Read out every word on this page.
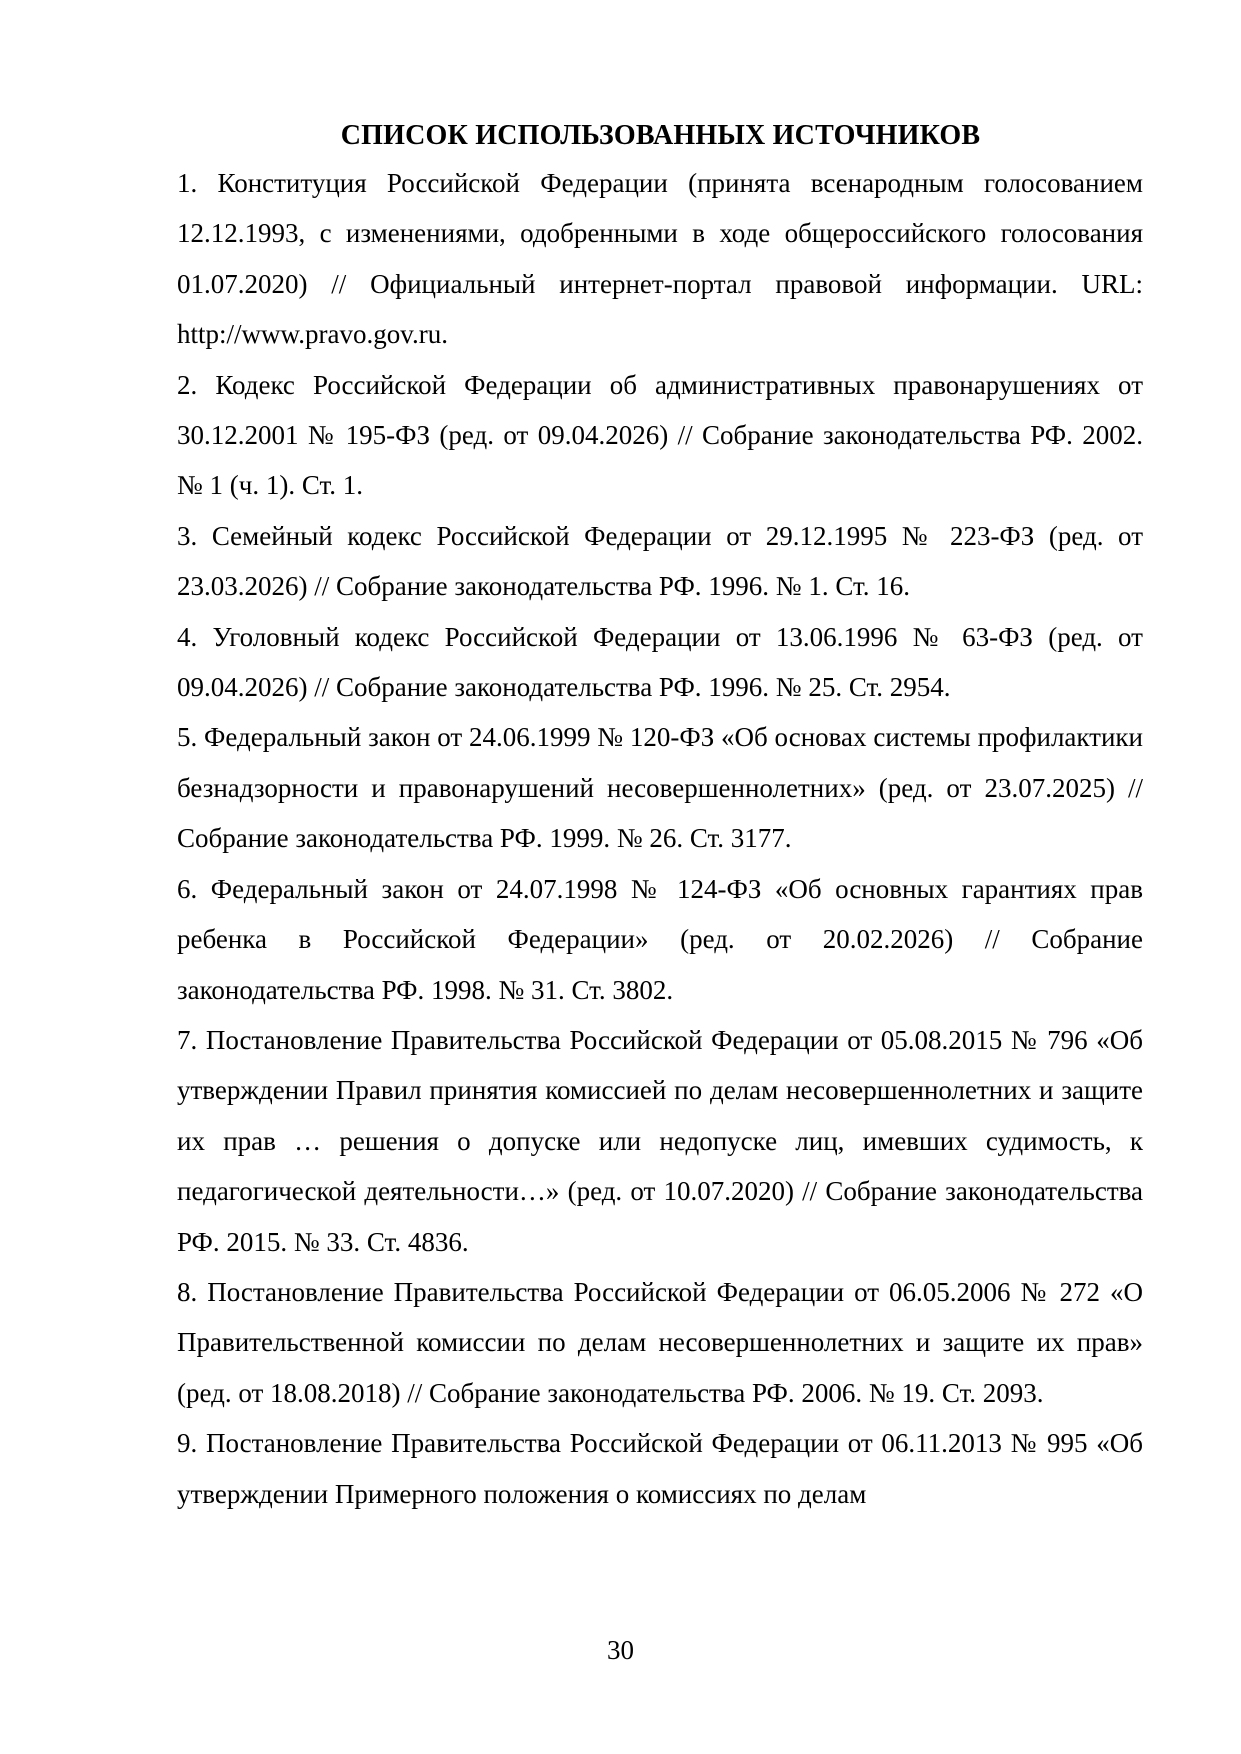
СПИСОК ИСПОЛЬЗОВАННЫХ ИСТОЧНИКОВ
1. Конституция Российской Федерации (принята всенародным голосованием 12.12.1993, с изменениями, одобренными в ходе общероссийского голосования 01.07.2020) // Официальный интернет-портал правовой информации. URL: http://www.pravo.gov.ru.
2. Кодекс Российской Федерации об административных правонарушениях от 30.12.2001 № 195-ФЗ (ред. от 09.04.2026) // Собрание законодательства РФ. 2002. № 1 (ч. 1). Ст. 1.
3. Семейный кодекс Российской Федерации от 29.12.1995 № 223-ФЗ (ред. от 23.03.2026) // Собрание законодательства РФ. 1996. № 1. Ст. 16.
4. Уголовный кодекс Российской Федерации от 13.06.1996 № 63-ФЗ (ред. от 09.04.2026) // Собрание законодательства РФ. 1996. № 25. Ст. 2954.
5. Федеральный закон от 24.06.1999 № 120-ФЗ «Об основах системы профилактики безнадзорности и правонарушений несовершеннолетних» (ред. от 23.07.2025) // Собрание законодательства РФ. 1999. № 26. Ст. 3177.
6. Федеральный закон от 24.07.1998 № 124-ФЗ «Об основных гарантиях прав ребенка в Российской Федерации» (ред. от 20.02.2026) // Собрание законодательства РФ. 1998. № 31. Ст. 3802.
7. Постановление Правительства Российской Федерации от 05.08.2015 № 796 «Об утверждении Правил принятия комиссией по делам несовершеннолетних и защите их прав … решения о допуске или недопуске лиц, имевших судимость, к педагогической деятельности…» (ред. от 10.07.2020) // Собрание законодательства РФ. 2015. № 33. Ст. 4836.
8. Постановление Правительства Российской Федерации от 06.05.2006 № 272 «О Правительственной комиссии по делам несовершеннолетних и защите их прав» (ред. от 18.08.2018) // Собрание законодательства РФ. 2006. № 19. Ст. 2093.
9. Постановление Правительства Российской Федерации от 06.11.2013 № 995 «Об утверждении Примерного положения о комиссиях по делам
30
